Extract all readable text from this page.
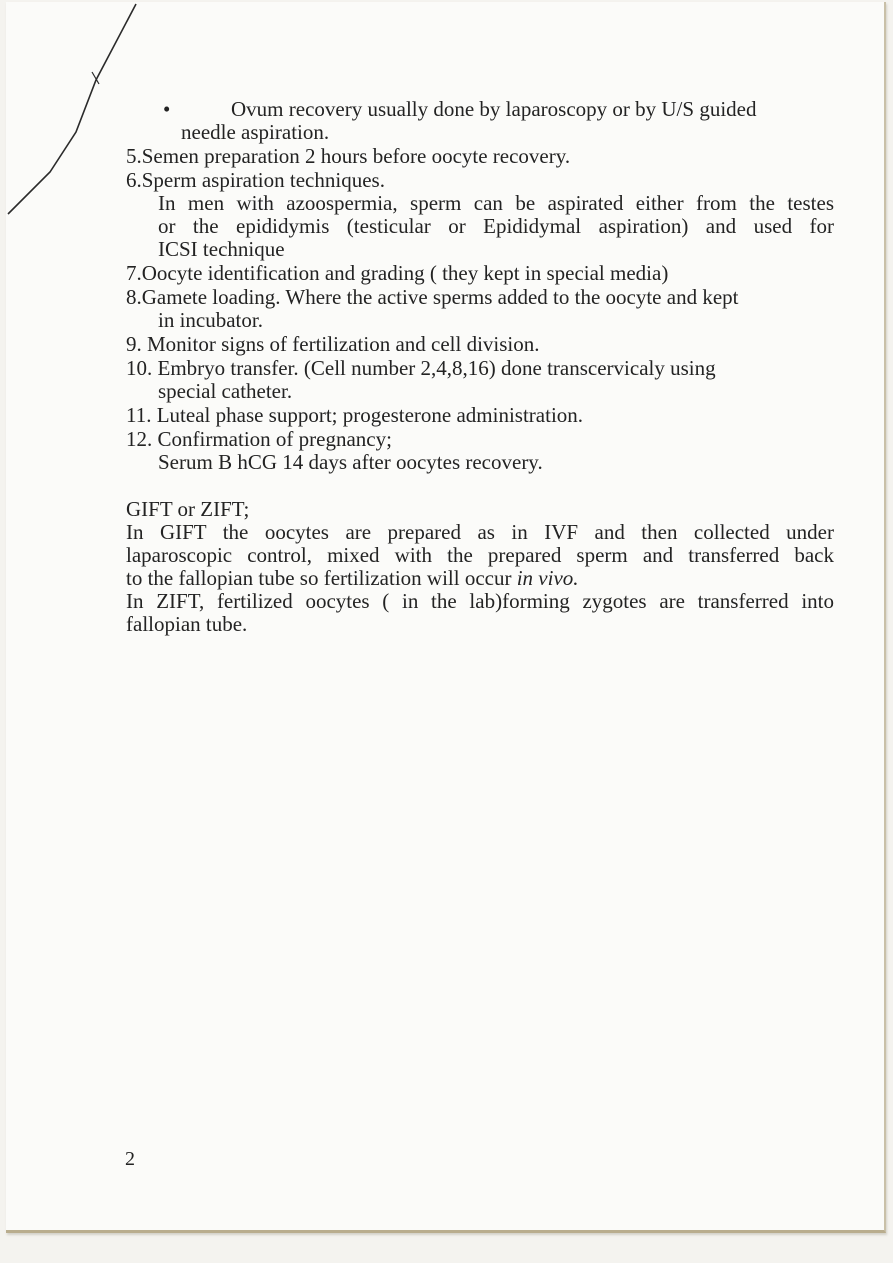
•	Ovum recovery usually done by laparoscopy or by U/S guided
needle aspiration.
5.Semen preparation 2 hours before oocyte recovery.
6.Sperm aspiration techniques.
In men with azoospermia, sperm can be aspirated either from the testes
or the epididymis (testicular or Epididymal aspiration) and used for
ICSI technique
7.Oocyte identification and grading ( they kept in special media)
8.Gamete loading. Where the active sperms added to the oocyte and kept
in incubator.
9. Monitor signs of fertilization and cell division.
10. Embryo transfer. (Cell number 2,4,8,16) done transcervicaly using
special catheter.
11. Luteal phase support; progesterone administration.
12. Confirmation of pregnancy;
Serum B hCG 14 days after oocytes recovery.
GIFT or ZIFT;
In GIFT the oocytes are prepared as in IVF and then collected under
laparoscopic control, mixed with the prepared sperm and transferred back
to the fallopian tube so fertilization will occur in vivo.
In ZIFT, fertilized oocytes ( in the lab)forming zygotes are transferred into
fallopian tube.
2
